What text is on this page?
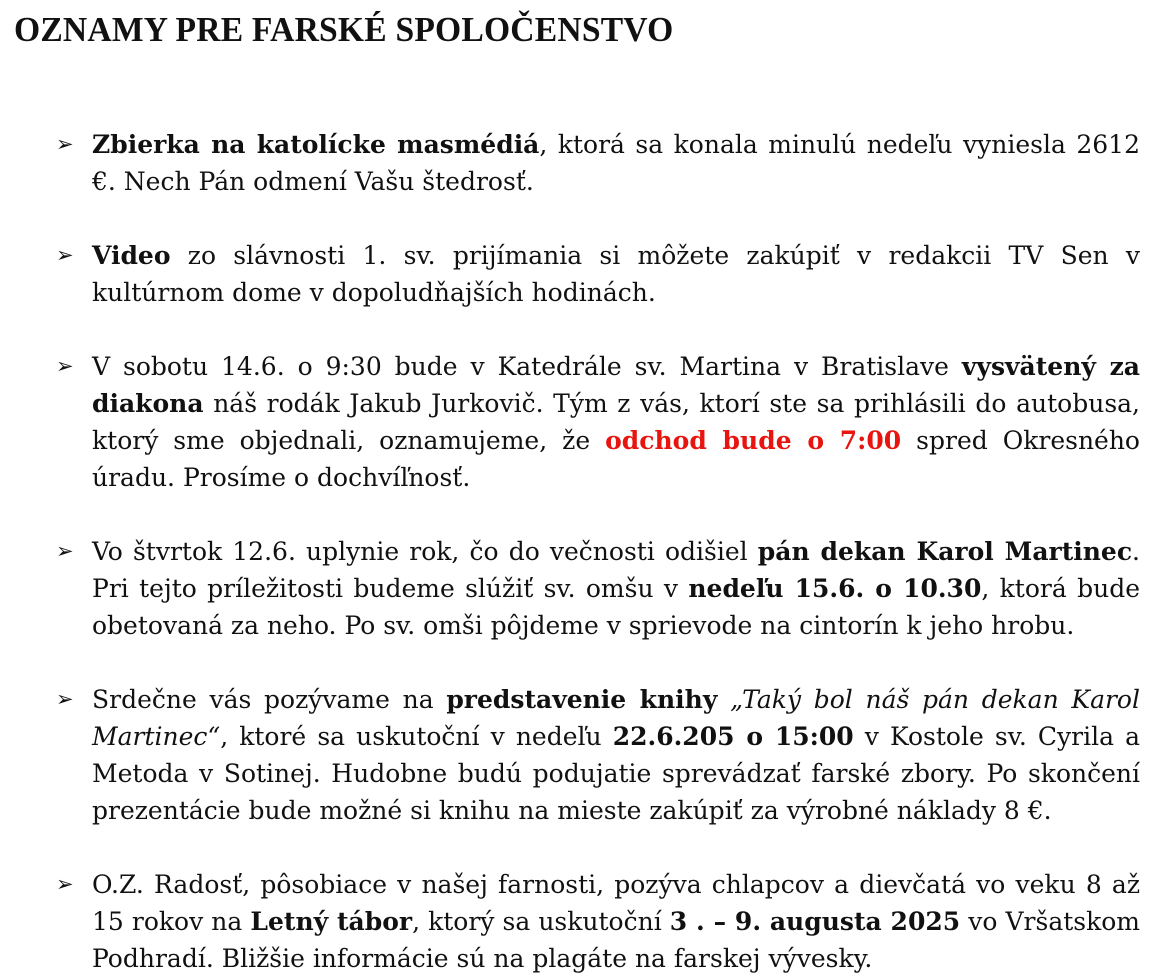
OZNAMY PRE FARSKÉ SPOLOČENSTVO
➢ Zbierka na katolícke masmédiá, ktorá sa konala minulú nedeľu vyniesla 2612 €. Nech Pán odmení Vašu štedrosť.
➢ Video zo slávnosti 1. sv. prijímania si môžete zakúpiť v redakcii TV Sen v kultúrnom dome v dopoludňajších hodinách.
➢ V sobotu 14.6. o 9:30 bude v Katedrále sv. Martina v Bratislave vysvätený za diakona náš rodák Jakub Jurkovič. Tým z vás, ktorí ste sa prihlásili do autobusa, ktorý sme objednali, oznamujeme, že odchod bude o 7:00 spred Okresného úradu. Prosíme o dochvíľnosť.
➢ Vo štvrtok 12.6. uplynie rok, čo do večnosti odišiel pán dekan Karol Martinec. Pri tejto príležitosti budeme slúžiť sv. omšu v nedeľu 15.6. o 10.30, ktorá bude obetovaná za neho. Po sv. omši pôjdeme v sprievode na cintorín k jeho hrobu.
➢ Srdečne vás pozývame na predstavenie knihy „Taký bol náš pán dekan Karol Martinec“, ktoré sa uskutoční v nedeľu 22.6.205 o 15:00 v Kostole sv. Cyrila a Metoda v Sotinej. Hudobne budú podujatie sprevádzať farské zbory. Po skončení prezentácie bude možné si knihu na mieste zakúpiť za výrobné náklady 8 €.
➢ O.Z. Radosť, pôsobiace v našej farnosti, pozýva chlapcov a dievčatá vo veku 8 až 15 rokov na Letný tábor, ktorý sa uskutoční 3 . – 9. augusta 2025 vo Vršatskom Podhradí. Bližšie informácie sú na plagáte na farskej vývesky.
